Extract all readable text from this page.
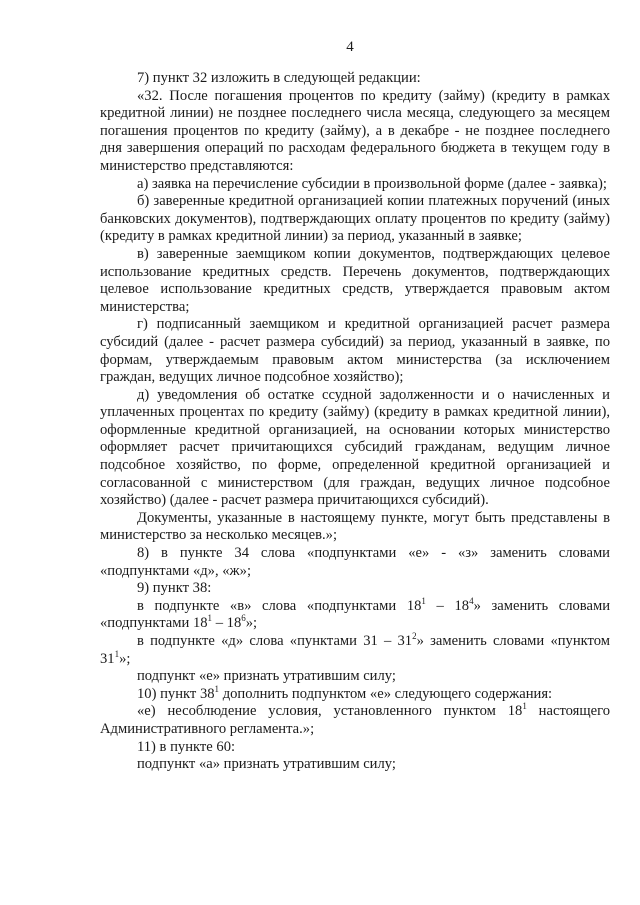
4

7) пункт 32 изложить в следующей редакции:

«32. После погашения процентов по кредиту (займу) (кредиту в рамках кредитной линии) не позднее последнего числа месяца, следующего за месяцем погашения процентов по кредиту (займу), а в декабре - не позднее последнего дня завершения операций по расходам федерального бюджета в текущем году в министерство представляются:

а) заявка на перечисление субсидии в произвольной форме (далее - заявка);

б) заверенные кредитной организацией копии платежных поручений (иных банковских документов), подтверждающих оплату процентов по кредиту (займу) (кредиту в рамках кредитной линии) за период, указанный в заявке;

в) заверенные заемщиком копии документов, подтверждающих целевое использование кредитных средств. Перечень документов, подтверждающих целевое использование кредитных средств, утверждается правовым актом министерства;

г) подписанный заемщиком и кредитной организацией расчет размера субсидий (далее - расчет размера субсидий) за период, указанный в заявке, по формам, утверждаемым правовым актом министерства (за исключением граждан, ведущих личное подсобное хозяйство);

д) уведомления об остатке ссудной задолженности и о начисленных и уплаченных процентах по кредиту (займу) (кредиту в рамках кредитной линии), оформленные кредитной организацией, на основании которых министерство оформляет расчет причитающихся субсидий гражданам, ведущим личное подсобное хозяйство, по форме, определенной кредитной организацией и согласованной с министерством (для граждан, ведущих личное подсобное хозяйство) (далее - расчет размера причитающихся субсидий).

Документы, указанные в настоящему пункте, могут быть представлены в министерство за несколько месяцев.»;

8) в пункте 34 слова «подпунктами «е» - «з» заменить словами «подпунктами «д», «ж»;

9) пункт 38:

в подпункте «в» слова «подпунктами $18^1 - 18^4$» заменить словами «подпунктами $18^1 - 18^6$»;

в подпункте «д» слова «пунктами $31 - 31^2$» заменить словами «пунктом $31^1$»;

подпункт «е» признать утратившим силу;

10) пункт $38^1$ дополнить подпунктом «е» следующего содержания:

«е) несоблюдение условия, установленного пунктом $18^1$ настоящего Административного регламента.»;

11) в пункте 60:

подпункт «а» признать утратившим силу;
